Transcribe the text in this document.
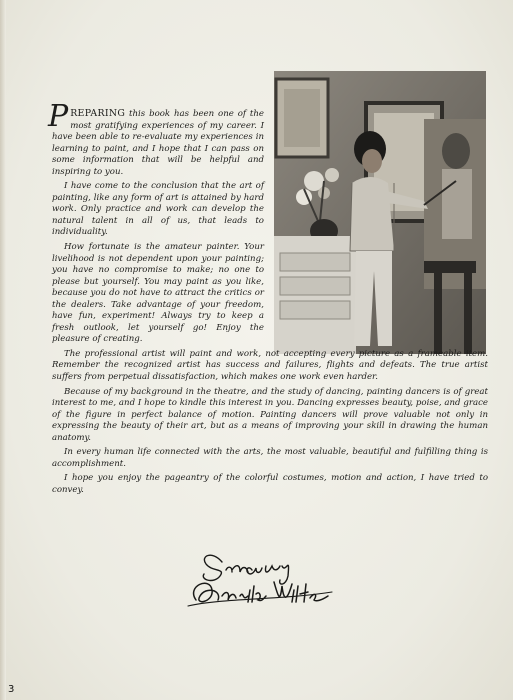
PREPARING this book has been one of the most gratifying experiences of my career. I have been able to re-evaluate my experiences in learning to paint, and I hope that I can pass on some information that will be helpful and inspiring to you.

I have come to the conclusion that the art of painting, like any form of art is attained by hard work. Only practice and work can develop the natural talent in all of us, that leads to individuality.

How fortunate is the amateur painter. Your livelihood is not dependent upon your painting; you have no compromise to make; no one to please but yourself. You may paint as you like, because you do not have to attract the critics or the dealers. Take advantage of your freedom, have fun, experiment! Always try to keep a fresh outlook, let yourself go! Enjoy the pleasure of creating.

The professional artist will paint and work, not accepting every picture as a frameable item. Remember the recognized artist has success and failures, flights and defeats. The true artist suffers from perpetual dissatisfaction, which makes one work even harder.

Because of my background in the theatre, and the study of dancing, painting dancers is of great interest to me, and I hope to kindle this interest in you. Dancing expresses beauty, poise, and grace of the figure in perfect balance of motion. Painting dancers will prove valuable not only in expressing the beauty of their art, but as a means of improving your skill in drawing the human anatomy.

In every human life connected with the arts, the most valuable, beautiful and fulfilling thing is accomplishment.

I hope you enjoy the pageantry of the colorful costumes, motion and action, I have tried to convey.

3
